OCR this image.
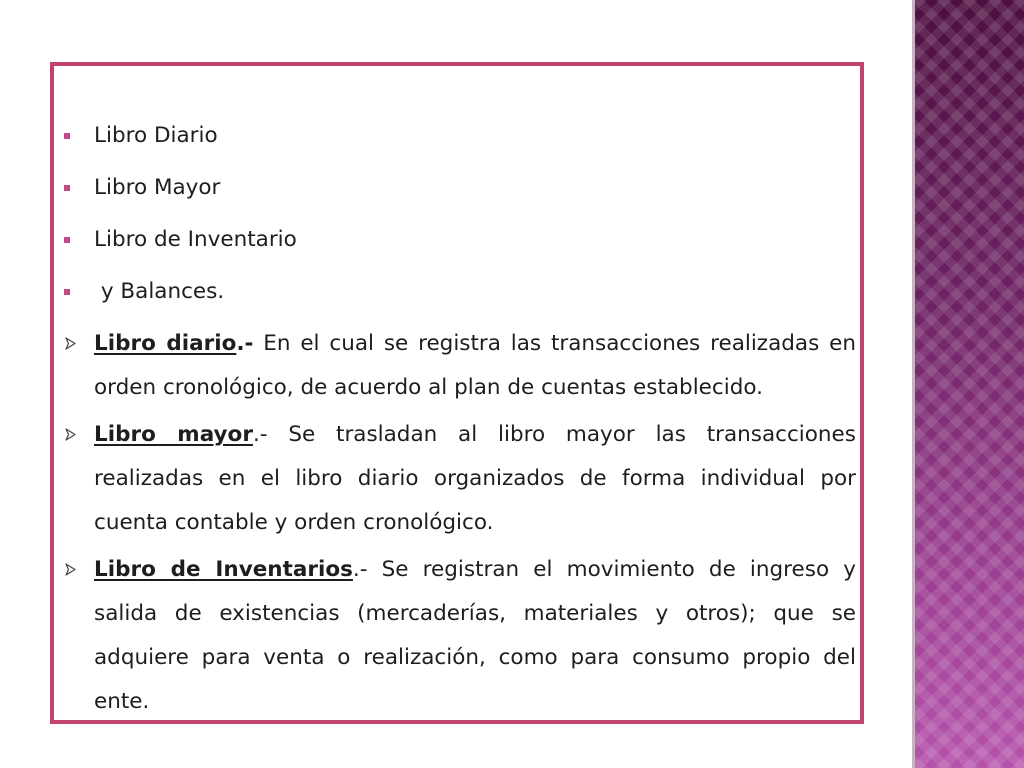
Libro Diario
Libro Mayor
Libro de Inventario
y Balances.
Libro diario.- En el cual se registra las transacciones realizadas en orden cronológico, de acuerdo al plan de cuentas establecido.
Libro mayor.- Se trasladan al libro mayor las transacciones realizadas en el libro diario organizados de forma individual por cuenta contable y orden cronológico.
Libro de Inventarios.- Se registran el movimiento de ingreso y salida de existencias (mercaderías, materiales y otros); que se adquiere para venta o realización, como para consumo propio del ente.
